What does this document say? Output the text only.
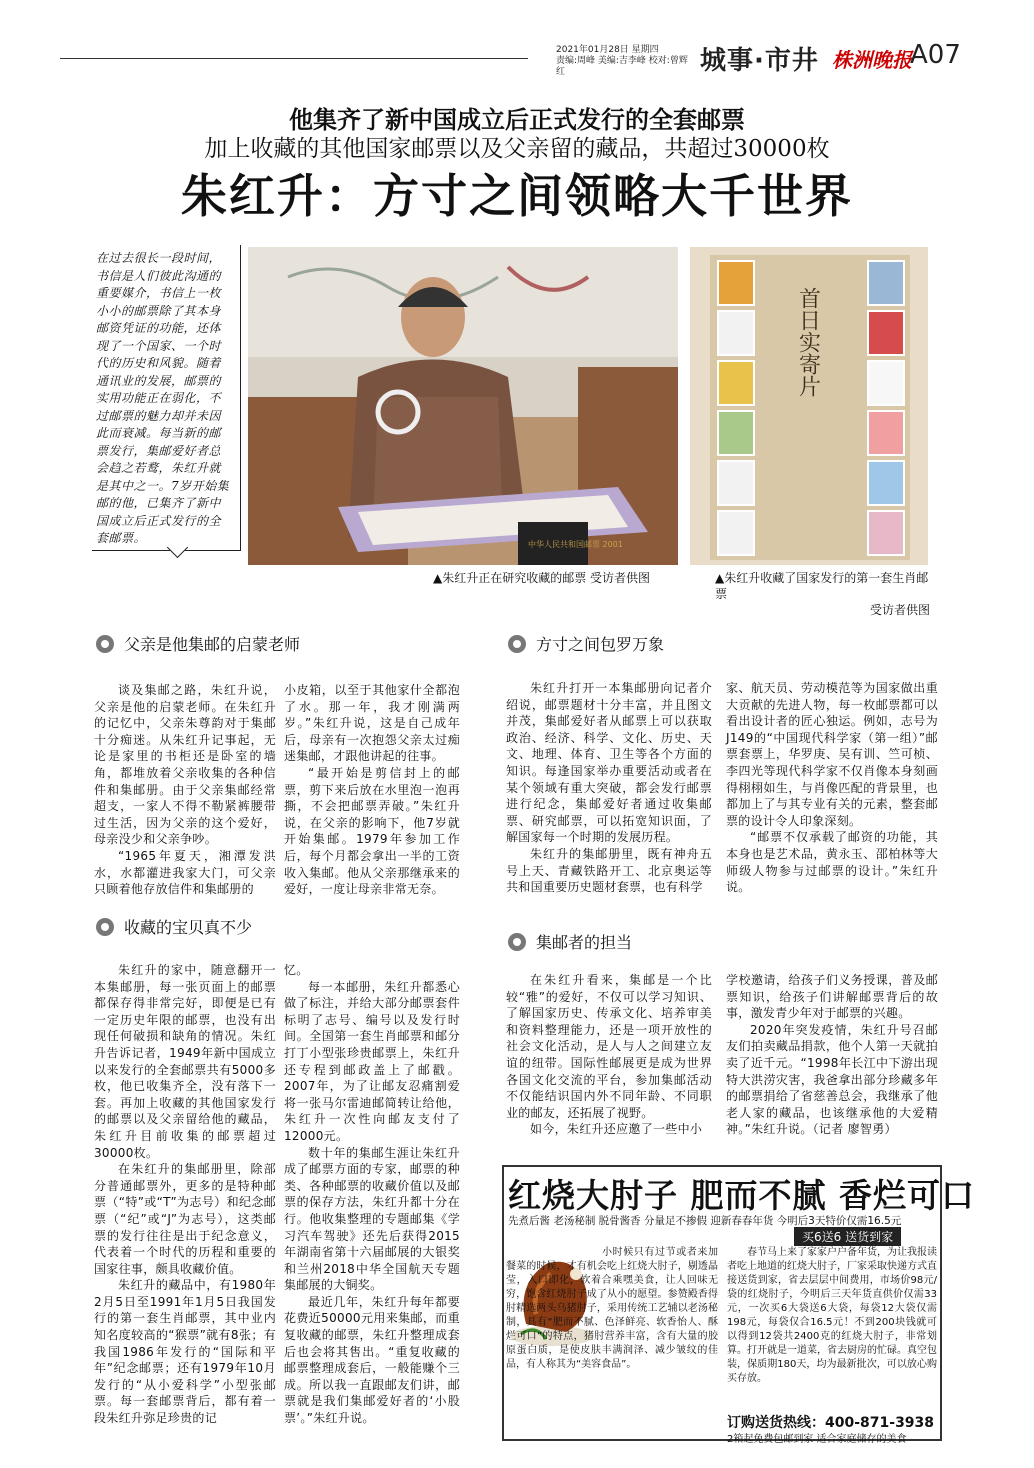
2021年01月28日 星期四
责编:周峰 美编:吉李峰 校对:曾辉红	城事·市井 株洲晚报
A07
他集齐了新中国成立后正式发行的全套邮票
加上收藏的其他国家邮票以及父亲留的藏品，共超过30000枚
朱红升：方寸之间领略大千世界
在过去很长一段时间，书信是人们彼此沟通的重要媒介，书信上一枚小小的邮票除了其本身邮资凭证的功能，还体现了一个国家、一个时代的历史和风貌。随着通讯业的发展，邮票的实用功能正在弱化，不过邮票的魅力却并未因此而衰减。每当新的邮票发行，集邮爱好者总会趋之若鹜，朱红升就是其中之一。7岁开始集邮的他，已集齐了新中国成立后正式发行的全套邮票。	中华人民共和国邮票 2001
▲朱红升正在研究收藏的邮票 受访者供图
首日实寄片
▲朱红升收藏了国家发行的第一套生肖邮票
受访者供图
父亲是他集邮的启蒙老师

谈及集邮之路，朱红升说，父亲是他的启蒙老师。在朱红升的记忆中，父亲朱尊韵对于集邮十分痴迷。从朱红升记事起，无论是家里的书柜还是卧室的墙角，都堆放着父亲收集的各种信件和集邮册。由于父亲集邮经常超支，一家人不得不勒紧裤腰带过生活，因为父亲的这个爱好，母亲没少和父亲争吵。

“1965年夏天，湘潭发洪水，水都灌进我家大门，可父亲只顾着他存放信件和集邮册的

小皮箱，以至于其他家什全都泡了水。那一年，我才刚满两岁。”朱红升说，这是自己成年后，母亲有一次抱怨父亲太过痴迷集邮，才跟他讲起的往事。

“最开始是剪信封上的邮票，剪下来后放在水里泡一泡再撕，不会把邮票弄破。”朱红升说，在父亲的影响下，他7岁就开始集邮。1979年参加工作后，每个月都会拿出一半的工资收入集邮。他从父亲那继承来的爱好，一度让母亲非常无奈。

收藏的宝贝真不少

朱红升的家中，随意翻开一本集邮册，每一张页面上的邮票都保存得非常完好，即便是已有一定历史年限的邮票，也没有出现任何破损和缺角的情况。朱红升告诉记者，1949年新中国成立以来发行的全套邮票共有5000多枚，他已收集齐全，没有落下一套。再加上收藏的其他国家发行的邮票以及父亲留给他的藏品，朱红升目前收集的邮票超过30000枚。

在朱红升的集邮册里，除部分普通邮票外，更多的是特种邮票（“特”或“T”为志号）和纪念邮票（“纪”或“J”为志号），这类邮票的发行往往是出于纪念意义，代表着一个时代的历程和重要的国家往事，颇具收藏价值。

朱红升的藏品中，有1980年2月5日至1991年1月5日我国发行的第一套生肖邮票，其中业内知名度较高的“猴票”就有8张；有我国1986年发行的“国际和平年”纪念邮票；还有1979年10月发行的“从小爱科学”小型张邮票。每一套邮票背后，都有着一段朱红升弥足珍贵的记

忆。

每一本邮册，朱红升都悉心做了标注，并给大部分邮票套件标明了志号、编号以及发行时间。全国第一套生肖邮票和邮分打丁小型张珍贵邮票上，朱红升还专程到邮政盖上了邮戳。2007年，为了让邮友忍痛割爱将一张马尔雷迪邮简转让给他，朱红升一次性向邮友支付了12000元。

数十年的集邮生涯让朱红升成了邮票方面的专家，邮票的种类、各种邮票的收藏价值以及邮票的保存方法，朱红升都十分在行。他收集整理的专题邮集《学习汽车驾驶》还先后获得2015年湖南省第十六届邮展的大银奖和兰州2018中华全国航天专题集邮展的大铜奖。

最近几年，朱红升每年都要花费近50000元用来集邮，而重复收藏的邮票，朱红升整理成套后也会将其售出。“重复收藏的邮票整理成套后，一般能赚个三成。所以我一直跟邮友们讲，邮票就是我们集邮爱好者的‘小股票’。”朱红升说。

方寸之间包罗万象

朱红升打开一本集邮册向记者介绍说，邮票题材十分丰富，并且图文并茂，集邮爱好者从邮票上可以获取政治、经济、科学、文化、历史、天文、地理、体育、卫生等各个方面的知识。每逢国家举办重要活动或者在某个领域有重大突破，都会发行邮票进行纪念，集邮爱好者通过收集邮票、研究邮票，可以拓宽知识面，了解国家每一个时期的发展历程。

朱红升的集邮册里，既有神舟五号上天、青藏铁路开工、北京奥运等共和国重要历史题材套票，也有科学

家、航天员、劳动模范等为国家做出重大贡献的先进人物，每一枚邮票都可以看出设计者的匠心独运。例如，志号为J149的“中国现代科学家（第一组）”邮票套票上，华罗庚、吴有训、竺可桢、李四光等现代科学家不仅肖像本身刻画得栩栩如生，与肖像匹配的背景里，也都加上了与其专业有关的元素，整套邮票的设计令人印象深刻。

“邮票不仅承载了邮资的功能，其本身也是艺术品，黄永玉、邵柏林等大师级人物参与过邮票的设计。”朱红升说。

集邮者的担当

在朱红升看来，集邮是一个比较“雅”的爱好，不仅可以学习知识、了解国家历史、传承文化、培养审美和资料整理能力，还是一项开放性的社会文化活动，是人与人之间建立友谊的纽带。国际性邮展更是成为世界各国文化交流的平台，参加集邮活动不仅能结识国内外不同年龄、不同职业的邮友，还拓展了视野。

如今，朱红升还应邀了一些中小

学校邀请，给孩子们义务授课，普及邮票知识，给孩子们讲解邮票背后的故事，激发青少年对于邮票的兴趣。

2020年突发疫情，朱红升号召邮友们拍卖藏品捐款，他个人第一天就拍卖了近千元。“1998年长江中下游出现特大洪涝灾害，我爸拿出部分珍藏多年的邮票捐给了省慈善总会，我继承了他老人家的藏品，也该继承他的大爱精神。”朱红升说。（记者 廖智勇）

红烧大肘子 肥而不腻 香烂可口
先煮后酱 老汤秘制 脱骨酱香 分量足不掺假 迎新春春年货 今明后3天特价仅需16.5元
买6送6 送货到家
小时候只有过节或者来加餐菜的时候，才有机会吃上红烧大肘子，剔透晶莹，入口即化，软着合乘嘿美食，让人回味无穷，饱含红烧肘子成了从小的愿望。参赞殿香得肘精选两头乌猪肘子，采用传统工艺辅以老汤秘制，具有“肥而不腻、色泽鲜亮、软香怡人、酥烂可口”的特点，猪肘营养丰富，含有大量的胶原蛋白质，是使皮肤丰满润泽、减少皱纹的佳品，有人称其为“美容食品”。
春节马上来了家家户户备年货，为让我报读者吃上地道的红烧大肘子，厂家采取快递方式直接送货到家，省去层层中间费用，市场价98元/袋的红烧肘子，今明后三天年货直供价仅需33元，一次买6大袋送6大袋，每袋12大袋仅需198元，每袋仅合16.5元！不到200块钱就可以得到12袋共2400克的红烧大肘子，非常划算。打开就是一道菜，省去厨房的忙碌。真空包装，保质期180天，均为最新批次，可以放心购买存放。
订购送货热线：400-871-3938
2箱起免费包邮到家 适合家庭储存的美食
